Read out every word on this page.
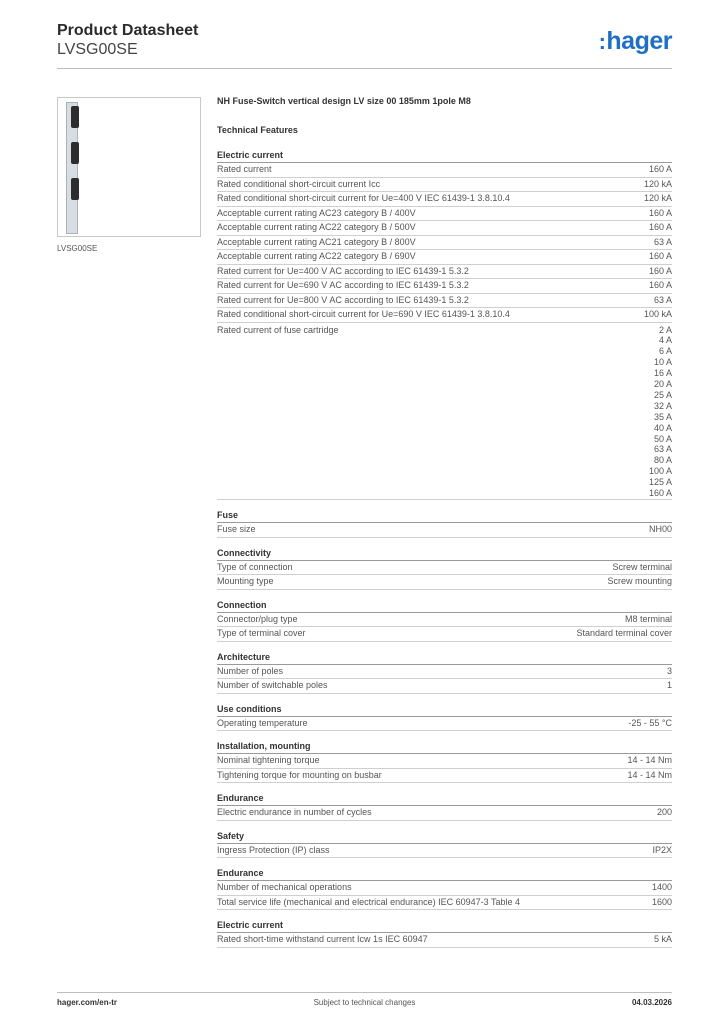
Product Datasheet
LVSG00SE	:hager
LVSG00SE
NH Fuse-Switch vertical design LV size 00 185mm 1pole M8
Technical Features
Electric current
Rated current	160 A
Rated conditional short-circuit current Icc	120 kA
Rated conditional short-circuit current for Ue=400 V IEC 61439-1 3.8.10.4	120 kA
Acceptable current rating AC23 category B / 400V	160 A
Acceptable current rating AC22 category B / 500V	160 A
Acceptable current rating AC21 category B / 800V	63 A
Acceptable current rating AC22 category B / 690V	160 A
Rated current for Ue=400 V AC according to IEC 61439-1 5.3.2	160 A
Rated current for Ue=690 V AC according to IEC 61439-1 5.3.2	160 A
Rated current for Ue=800 V AC according to IEC 61439-1 5.3.2	63 A
Rated conditional short-circuit current for Ue=690 V IEC 61439-1 3.8.10.4	100 kA
Rated current of fuse cartridge	2 A
4 A
6 A
10 A
16 A
20 A
25 A
32 A
35 A
40 A
50 A
63 A
80 A
100 A
125 A
160 A
Fuse
Fuse size	NH00
Connectivity
Type of connection	Screw terminal
Mounting type	Screw mounting
Connection
Connector/plug type	M8 terminal
Type of terminal cover	Standard terminal cover
Architecture
Number of poles	3
Number of switchable poles	1
Use conditions
Operating temperature	-25 - 55 °C
Installation, mounting
Nominal tightening torque	14 - 14 Nm
Tightening torque for mounting on busbar	14 - 14 Nm
Endurance
Electric endurance in number of cycles	200
Safety
Ingress Protection (IP) class	IP2X
Endurance
Number of mechanical operations	1400
Total service life (mechanical and electrical endurance) IEC 60947-3 Table 4	1600
Electric current
Rated short-time withstand current Icw 1s IEC 60947	5 kA
hager.com/en-tr	Subject to technical changes	04.03.2026
